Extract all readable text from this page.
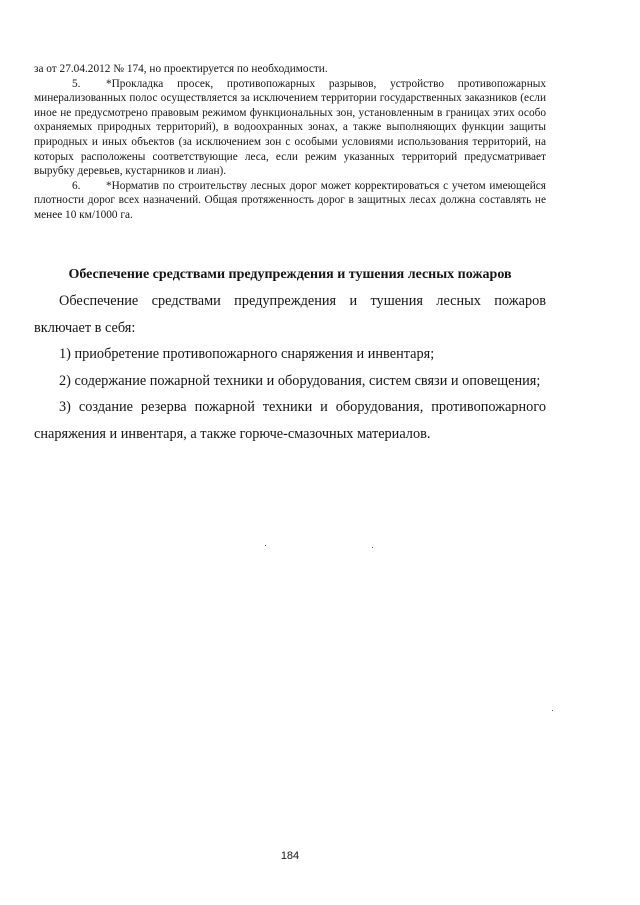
за от 27.04.2012 № 174, но проектируется по необходимости.

5. *Прокладка просек, противопожарных разрывов, устройство противопожарных минерализованных полос осуществляется за исключением территории государственных заказников (если иное не предусмотрено правовым режимом функциональных зон, установленным в границах этих особо охраняемых природных территорий), в водоохранных зонах, а также выполняющих функции защиты природных и иных объектов (за исключением зон с особыми условиями использования территорий, на которых расположены соответствующие леса, если режим указанных территорий предусматривает вырубку деревьев, кустарников и лиан).

6. *Норматив по строительству лесных дорог может корректироваться с учетом имеющейся плотности дорог всех назначений. Общая протяженность дорог в защитных лесах должна составлять не менее 10 км/1000 га.

Обеспечение средствами предупреждения и тушения лесных пожаров

Обеспечение средствами предупреждения и тушения лесных пожаров включает в себя:

1) приобретение противопожарного снаряжения и инвентаря;

2) содержание пожарной техники и оборудования, систем связи и оповещения;

3) создание резерва пожарной техники и оборудования, противопожарного снаряжения и инвентаря, а также горюче-смазочных материалов.

184
